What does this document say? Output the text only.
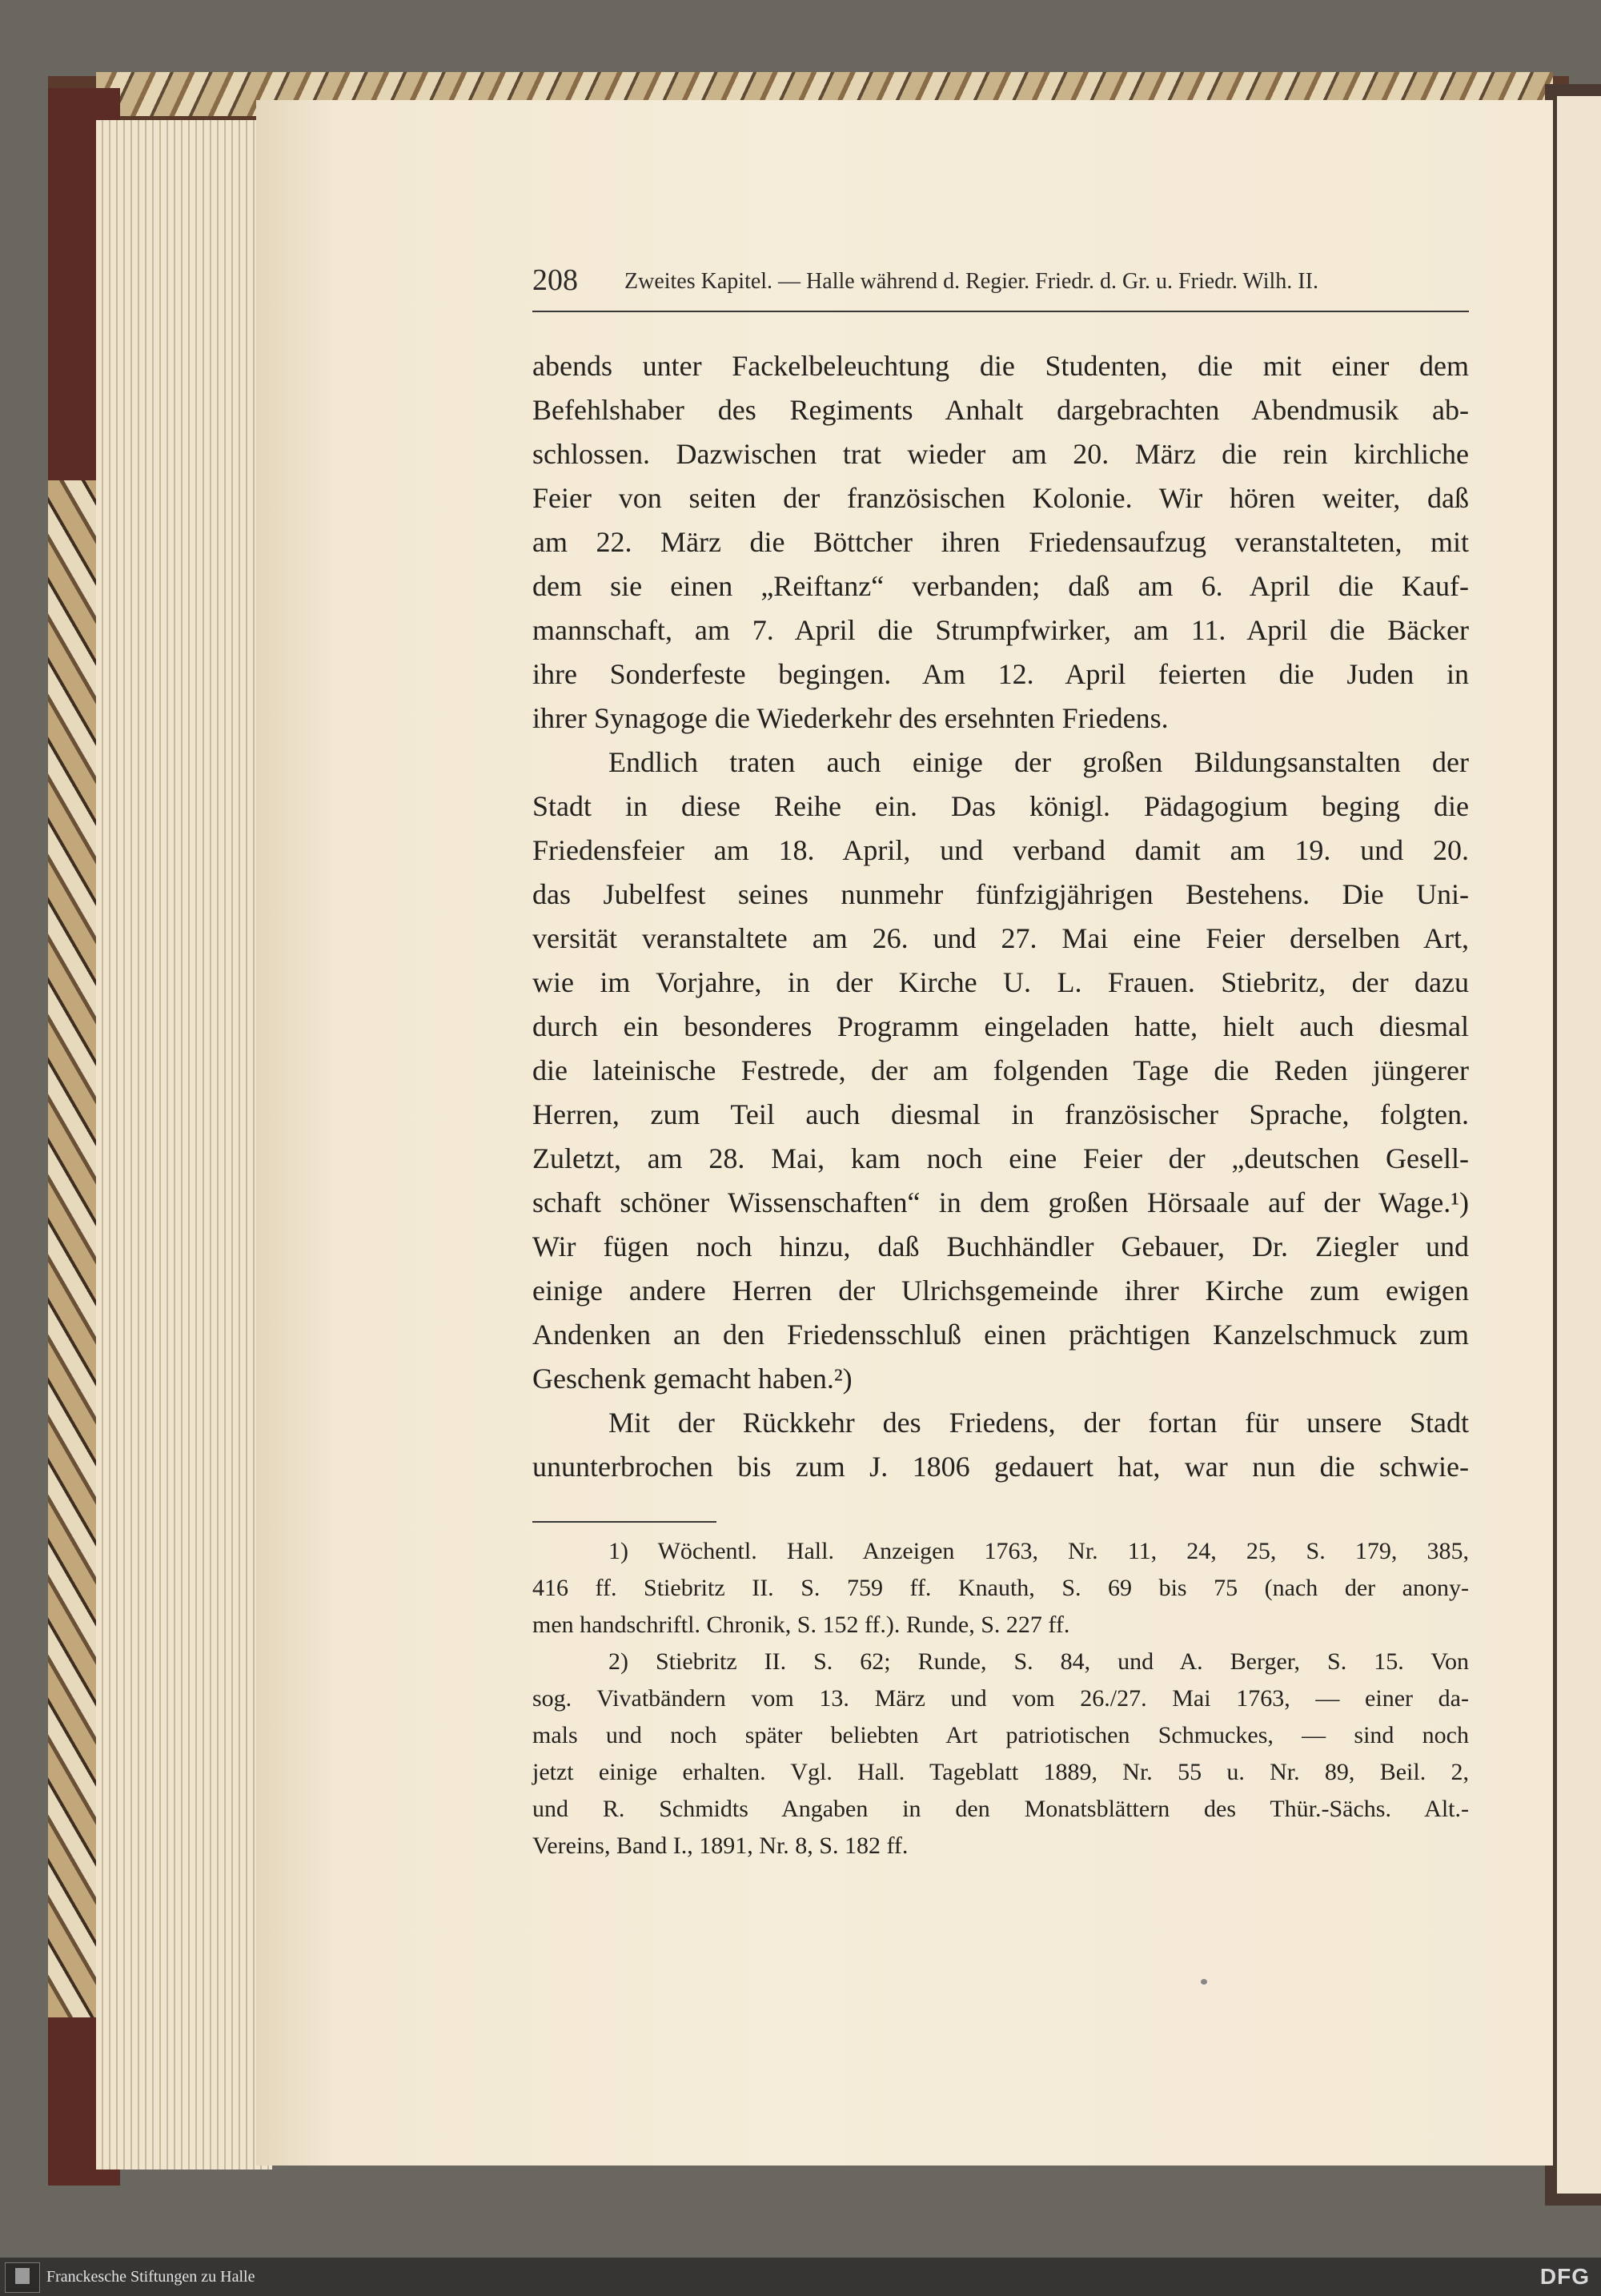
208 Zweites Kapitel. — Halle während d. Regier. Friedr. d. Gr. u. Friedr. Wilh. II.
abends unter Fackelbeleuchtung die Studenten, die mit einer dem
Befehlshaber des Regiments Anhalt dargebrachten Abendmusik ab-
schlossen. Dazwischen trat wieder am 20. März die rein kirchliche
Feier von seiten der französischen Kolonie. Wir hören weiter, daß
am 22. März die Böttcher ihren Friedensaufzug veranstalteten, mit
dem sie einen „Reiftanz“ verbanden; daß am 6. April die Kauf-
mannschaft, am 7. April die Strumpfwirker, am 11. April die Bäcker
ihre Sonderfeste begingen. Am 12. April feierten die Juden in
ihrer Synagoge die Wiederkehr des ersehnten Friedens.
Endlich traten auch einige der großen Bildungsanstalten der
Stadt in diese Reihe ein. Das königl. Pädagogium beging die
Friedensfeier am 18. April, und verband damit am 19. und 20.
das Jubelfest seines nunmehr fünfzigjährigen Bestehens. Die Uni-
versität veranstaltete am 26. und 27. Mai eine Feier derselben Art,
wie im Vorjahre, in der Kirche U. L. Frauen. Stiebritz, der dazu
durch ein besonderes Programm eingeladen hatte, hielt auch diesmal
die lateinische Festrede, der am folgenden Tage die Reden jüngerer
Herren, zum Teil auch diesmal in französischer Sprache, folgten.
Zuletzt, am 28. Mai, kam noch eine Feier der „deutschen Gesell-
schaft schöner Wissenschaften“ in dem großen Hörsaale auf der Wage.¹)
Wir fügen noch hinzu, daß Buchhändler Gebauer, Dr. Ziegler und
einige andere Herren der Ulrichsgemeinde ihrer Kirche zum ewigen
Andenken an den Friedensschluß einen prächtigen Kanzelschmuck zum
Geschenk gemacht haben.²)
Mit der Rückkehr des Friedens, der fortan für unsere Stadt
ununterbrochen bis zum J. 1806 gedauert hat, war nun die schwie-
1) Wöchentl. Hall. Anzeigen 1763, Nr. 11, 24, 25, S. 179, 385,
416 ff. Stiebritz II. S. 759 ff. Knauth, S. 69 bis 75 (nach der anony-
men handschriftl. Chronik, S. 152 ff.). Runde, S. 227 ff.
2) Stiebritz II. S. 62; Runde, S. 84, und A. Berger, S. 15. Von
sog. Vivatbändern vom 13. März und vom 26./27. Mai 1763, — einer da-
mals und noch später beliebten Art patriotischen Schmuckes, — sind noch
jetzt einige erhalten. Vgl. Hall. Tageblatt 1889, Nr. 55 u. Nr. 89, Beil. 2,
und R. Schmidts Angaben in den Monatsblättern des Thür.-Sächs. Alt.-
Vereins, Band I., 1891, Nr. 8, S. 182 ff.
Franckesche Stiftungen zu Halle	DFG
